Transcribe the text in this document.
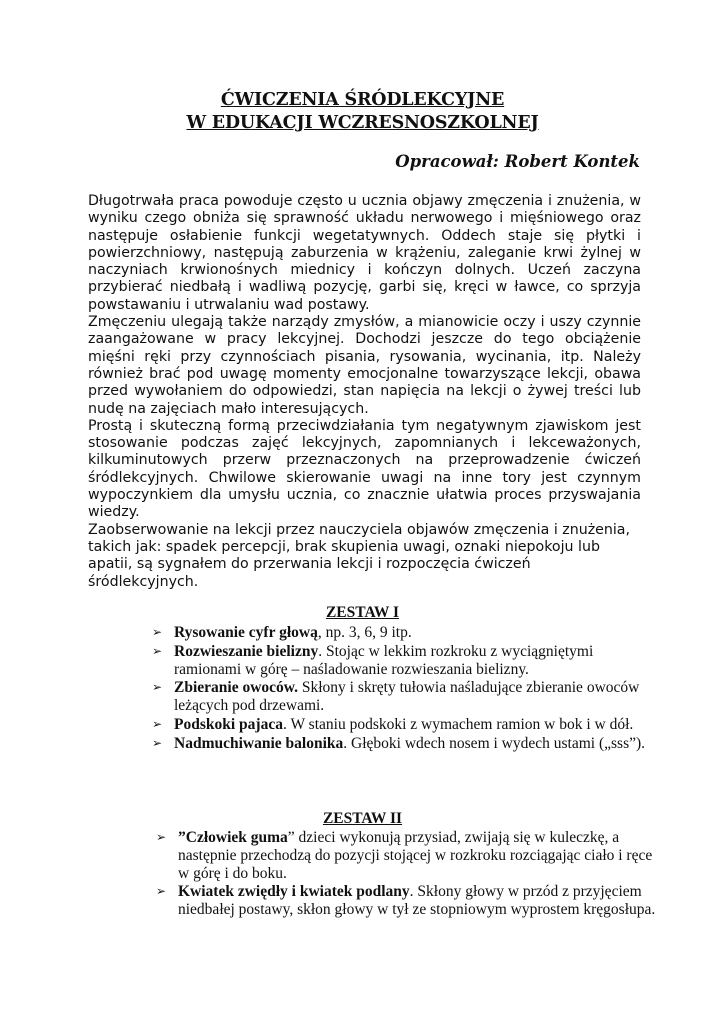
ĆWICZENIA ŚRÓDLEKCYJNE
W EDUKACJI WCZRESNOSZKOLNEJ
Opracował: Robert Kontek

Długotrwała praca powoduje często u ucznia objawy zmęczenia i znużenia, w wyniku czego obniża się sprawność układu nerwowego i mięśniowego oraz następuje osłabienie funkcji wegetatywnych. Oddech staje się płytki i powierzchniowy, następują zaburzenia w krążeniu, zaleganie krwi żylnej w naczyniach krwionośnych miednicy i kończyn dolnych. Uczeń zaczyna przybierać niedbałą i wadliwą pozycję, garbi się, kręci w ławce, co sprzyja powstawaniu i utrwalaniu wad postawy.

Zmęczeniu ulegają także narządy zmysłów, a mianowicie oczy i uszy czynnie zaangażowane w pracy lekcyjnej. Dochodzi jeszcze do tego obciążenie mięśni ręki przy czynnościach pisania, rysowania, wycinania, itp. Należy również brać pod uwagę momenty emocjonalne towarzyszące lekcji, obawa przed wywołaniem do odpowiedzi, stan napięcia na lekcji o żywej treści lub nudę na zajęciach mało interesujących.

Prostą i skuteczną formą przeciwdziałania tym negatywnym zjawiskom jest stosowanie podczas zajęć lekcyjnych, zapomnianych i lekceważonych, kilkuminutowych przerw przeznaczonych na przeprowadzenie ćwiczeń śródlekcyjnych. Chwilowe skierowanie uwagi na inne tory jest czynnym wypoczynkiem dla umysłu ucznia, co znacznie ułatwia proces przyswajania wiedzy.

Zaobserwowanie na lekcji przez nauczyciela objawów zmęczenia i znużenia, takich jak: spadek percepcji, brak skupienia uwagi, oznaki niepokoju lub apatii, są sygnałem do przerwania lekcji i rozpoczęcia ćwiczeń śródlekcyjnych.

ZESTAW I
➢ Rysowanie cyfr głową, np. 3, 6, 9 itp.
➢ Rozwieszanie bielizny. Stojąc w lekkim rozkroku z wyciągniętymi ramionami w górę – naśladowanie rozwieszania bielizny.
➢ Zbieranie owoców. Skłony i skręty tułowia naśladujące zbieranie owoców leżących pod drzewami.
➢ Podskoki pajaca. W staniu podskoki z wymachem ramion w bok i w dół.
➢ Nadmuchiwanie balonika. Głęboki wdech nosem i wydech ustami („sss”).
ZESTAW II
➢ ”Człowiek guma” dzieci wykonują przysiad, zwijają się w kuleczkę, a następnie przechodzą do pozycji stojącej w rozkroku rozciągając ciało i ręce w górę i do boku.
➢ Kwiatek zwiędły i kwiatek podlany. Skłony głowy w przód z przyjęciem niedbałej postawy, skłon głowy w tył ze stopniowym wyprostem kręgosłupa.
